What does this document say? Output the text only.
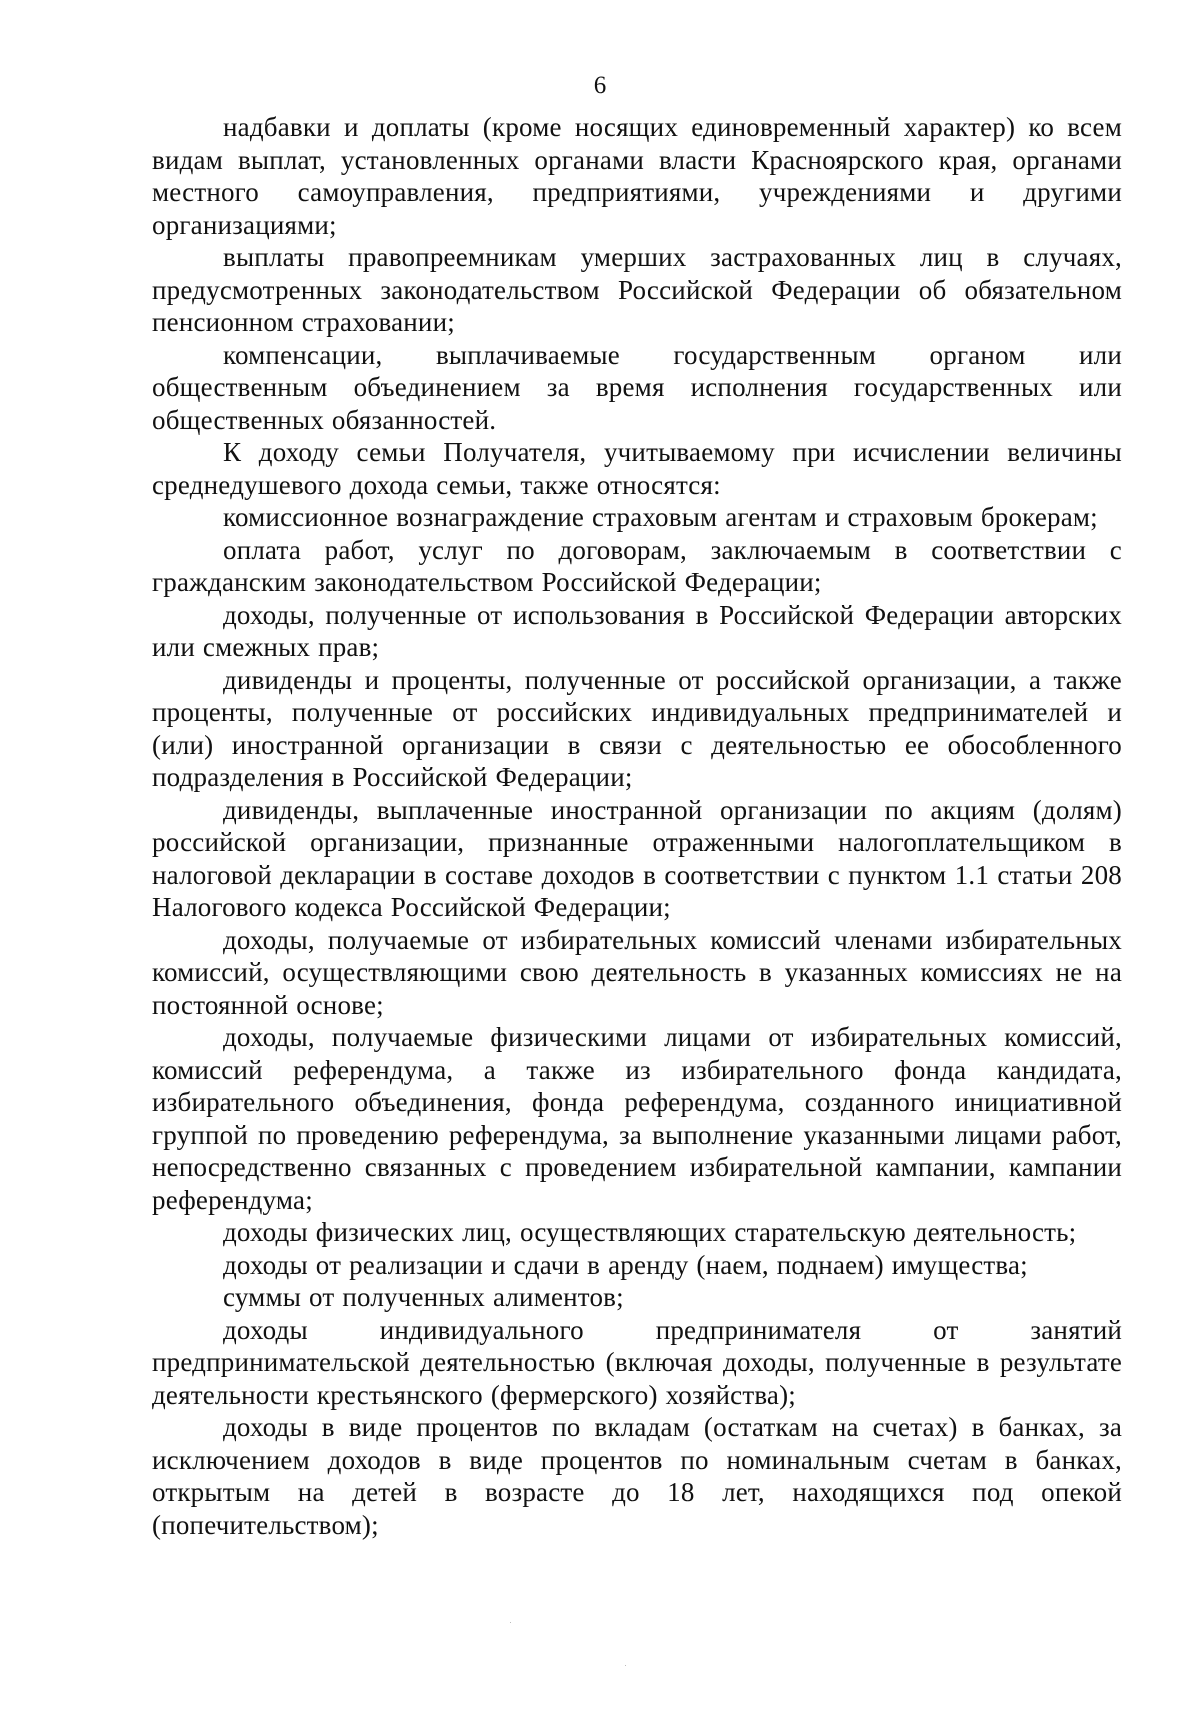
6

надбавки и доплаты (кроме носящих единовременный характер) ко всем видам выплат, установленных органами власти Красноярского края, органами местного самоуправления, предприятиями, учреждениями и другими организациями;

выплаты правопреемникам умерших застрахованных лиц в случаях, предусмотренных законодательством Российской Федерации об обязательном пенсионном страховании;

компенсации, выплачиваемые государственным органом или общественным объединением за время исполнения государственных или общественных обязанностей.

К доходу семьи Получателя, учитываемому при исчислении величины среднедушевого дохода семьи, также относятся:

комиссионное вознаграждение страховым агентам и страховым брокерам;

оплата работ, услуг по договорам, заключаемым в соответствии с гражданским законодательством Российской Федерации;

доходы, полученные от использования в Российской Федерации авторских или смежных прав;

дивиденды и проценты, полученные от российской организации, а также проценты, полученные от российских индивидуальных предпринимателей и (или) иностранной организации в связи с деятельностью ее обособленного подразделения в Российской Федерации;

дивиденды, выплаченные иностранной организации по акциям (долям) российской организации, признанные отраженными налогоплательщиком в налоговой декларации в составе доходов в соответствии с пунктом 1.1 статьи 208 Налогового кодекса Российской Федерации;

доходы, получаемые от избирательных комиссий членами избирательных комиссий, осуществляющими свою деятельность в указанных комиссиях не на постоянной основе;

доходы, получаемые физическими лицами от избирательных комиссий, комиссий референдума, а также из избирательного фонда кандидата, избирательного объединения, фонда референдума, созданного инициативной группой по проведению референдума, за выполнение указанными лицами работ, непосредственно связанных с проведением избирательной кампании, кампании референдума;

доходы физических лиц, осуществляющих старательскую деятельность;

доходы от реализации и сдачи в аренду (наем, поднаем) имущества;

суммы от полученных алиментов;

доходы индивидуального предпринимателя от занятий предпринимательской деятельностью (включая доходы, полученные в результате деятельности крестьянского (фермерского) хозяйства);

доходы в виде процентов по вкладам (остаткам на счетах) в банках, за исключением доходов в виде процентов по номинальным счетам в банках, открытым на детей в возрасте до 18 лет, находящихся под опекой (попечительством);
